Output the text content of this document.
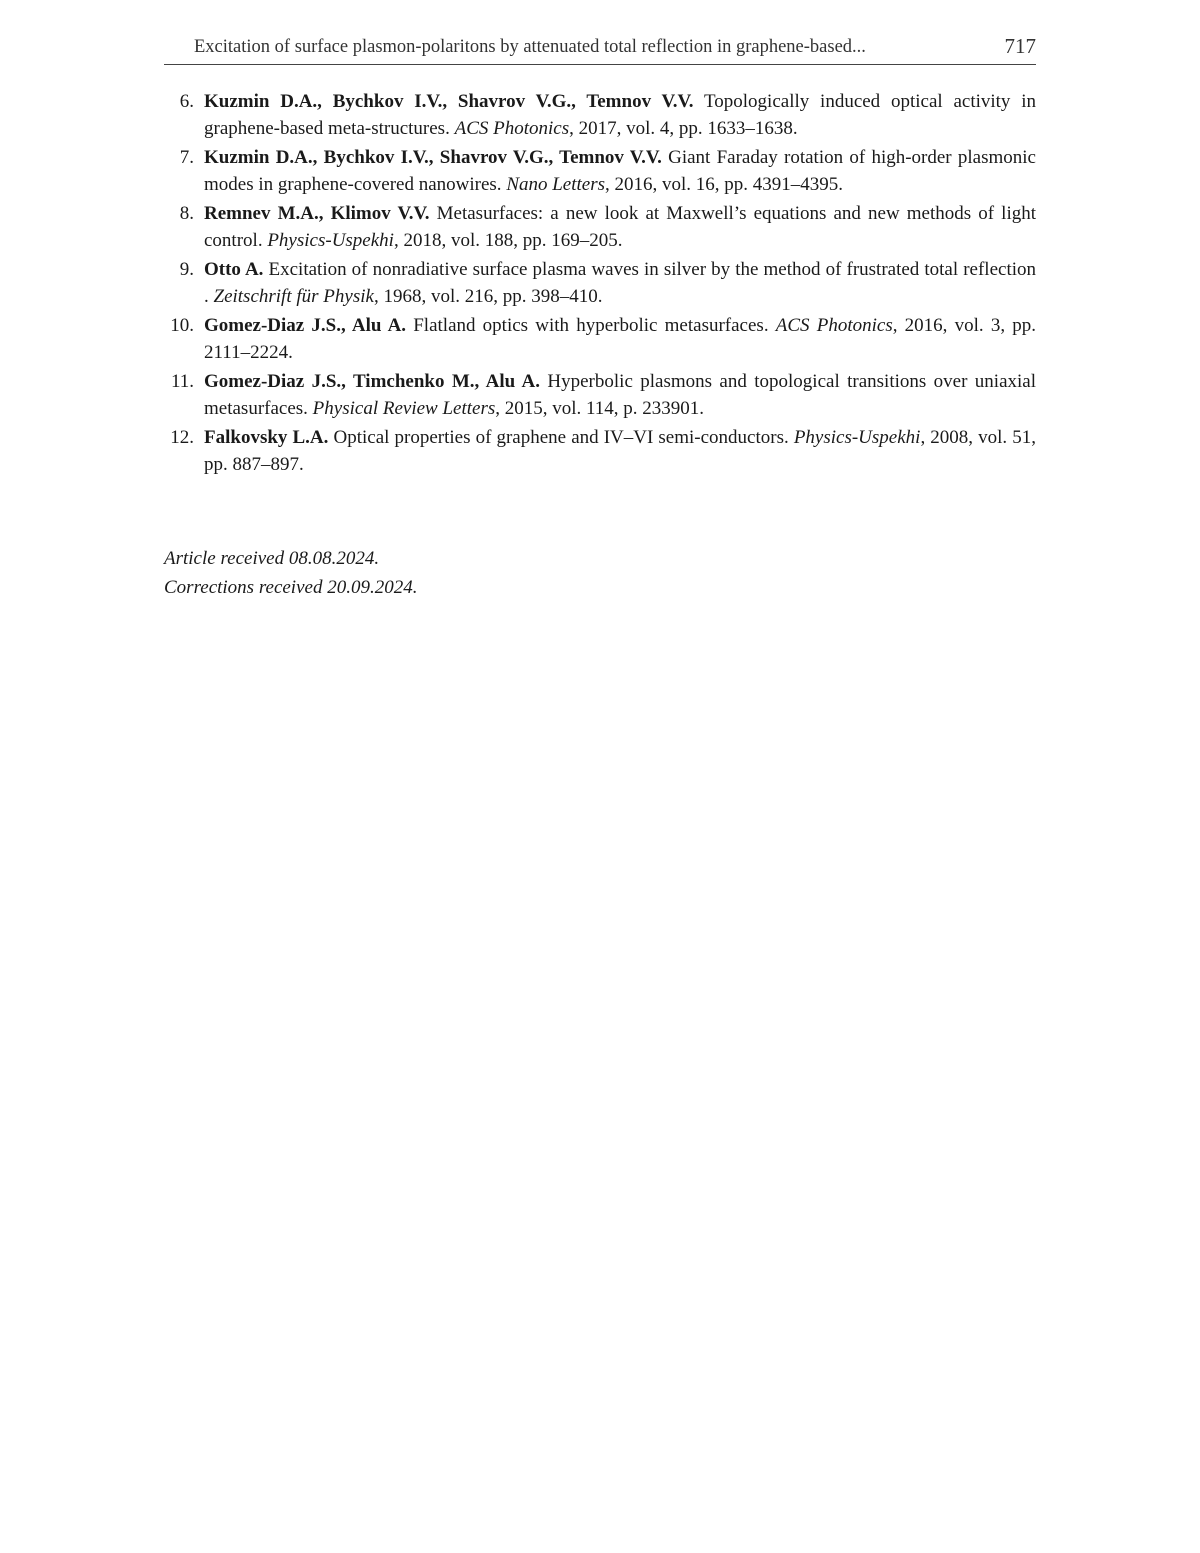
Excitation of surface plasmon-polaritons by attenuated total reflection in graphene-based...	717
6. Kuzmin D.A., Bychkov I.V., Shavrov V.G., Temnov V.V. Topologically induced optical activity in graphene-based meta-structures. ACS Photonics, 2017, vol. 4, pp. 1633–1638.
7. Kuzmin D.A., Bychkov I.V., Shavrov V.G., Temnov V.V. Giant Faraday rotation of high-order plasmonic modes in graphene-covered nanowires. Nano Letters, 2016, vol. 16, pp. 4391–4395.
8. Remnev M.A., Klimov V.V. Metasurfaces: a new look at Maxwell’s equations and new methods of light control. Physics-Uspekhi, 2018, vol. 188, pp. 169–205.
9. Otto A. Excitation of nonradiative surface plasma waves in silver by the method of frustrated total reflection . Zeitschrift für Physik, 1968, vol. 216, pp. 398–410.
10. Gomez-Diaz J.S., Alu A. Flatland optics with hyperbolic metasurfaces. ACS Photonics, 2016, vol. 3, pp. 2111–2224.
11. Gomez-Diaz J.S., Timchenko M., Alu A. Hyperbolic plasmons and topological transitions over uniaxial metasurfaces. Physical Review Letters, 2015, vol. 114, p. 233901.
12. Falkovsky L.A. Optical properties of graphene and IV–VI semi-conductors. Physics-Uspekhi, 2008, vol. 51, pp. 887–897.
Article received 08.08.2024.
Corrections received 20.09.2024.
